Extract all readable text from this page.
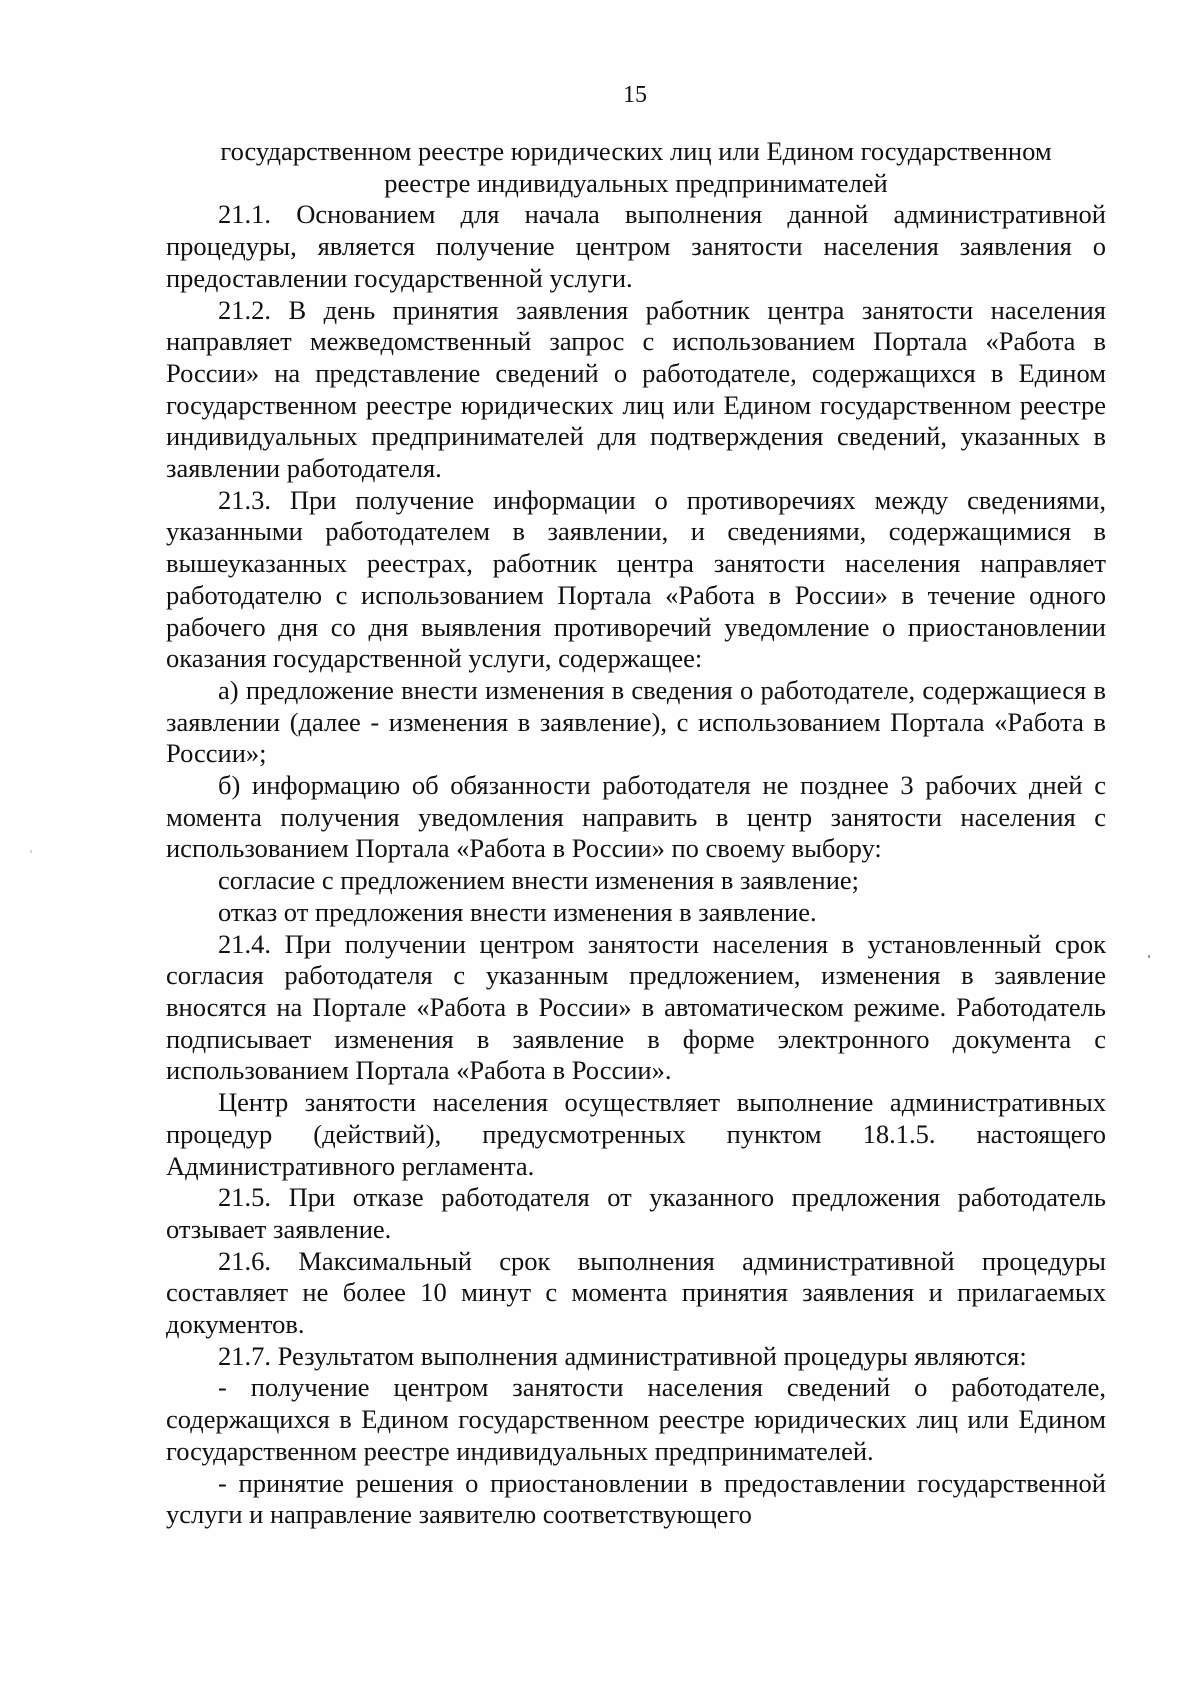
15

государственном реестре юридических лиц или Едином государственном

реестре индивидуальных предпринимателей

21.1. Основанием для начала выполнения данной административной процедуры, является получение центром занятости населения заявления о предоставлении государственной услуги.

21.2. В день принятия заявления работник центра занятости населения направляет межведомственный запрос с использованием Портала «Работа в России» на представление сведений о работодателе, содержащихся в Едином государственном реестре юридических лиц или Едином государственном реестре индивидуальных предпринимателей для подтверждения сведений, указанных в заявлении работодателя.

21.3. При получение информации о противоречиях между сведениями, указанными работодателем в заявлении, и сведениями, содержащимися в вышеуказанных реестрах, работник центра занятости населения направляет работодателю с использованием Портала «Работа в России» в течение одного рабочего дня со дня выявления противоречий уведомление о приостановлении оказания государственной услуги, содержащее:

а) предложение внести изменения в сведения о работодателе, содержащиеся в заявлении (далее - изменения в заявление), с использованием Портала «Работа в России»;

б) информацию об обязанности работодателя не позднее 3 рабочих дней с момента получения уведомления направить в центр занятости населения с использованием Портала «Работа в России» по своему выбору:

согласие с предложением внести изменения в заявление;

отказ от предложения внести изменения в заявление.

21.4. При получении центром занятости населения в установленный срок согласия работодателя с указанным предложением, изменения в заявление вносятся на Портале «Работа в России» в автоматическом режиме. Работодатель подписывает изменения в заявление в форме электронного документа с использованием Портала «Работа в России».

Центр занятости населения осуществляет выполнение административных процедур (действий), предусмотренных пунктом 18.1.5. настоящего Административного регламента.

21.5. При отказе работодателя от указанного предложения работодатель отзывает заявление.

21.6. Максимальный срок выполнения административной процедуры составляет не более 10 минут с момента принятия заявления и прилагаемых документов.

21.7. Результатом выполнения административной процедуры являются:

- получение центром занятости населения сведений о работодателе, содержащихся в Едином государственном реестре юридических лиц или Едином государственном реестре индивидуальных предпринимателей.

- принятие решения о приостановлении в предоставлении государственной услуги и направление заявителю соответствующего
